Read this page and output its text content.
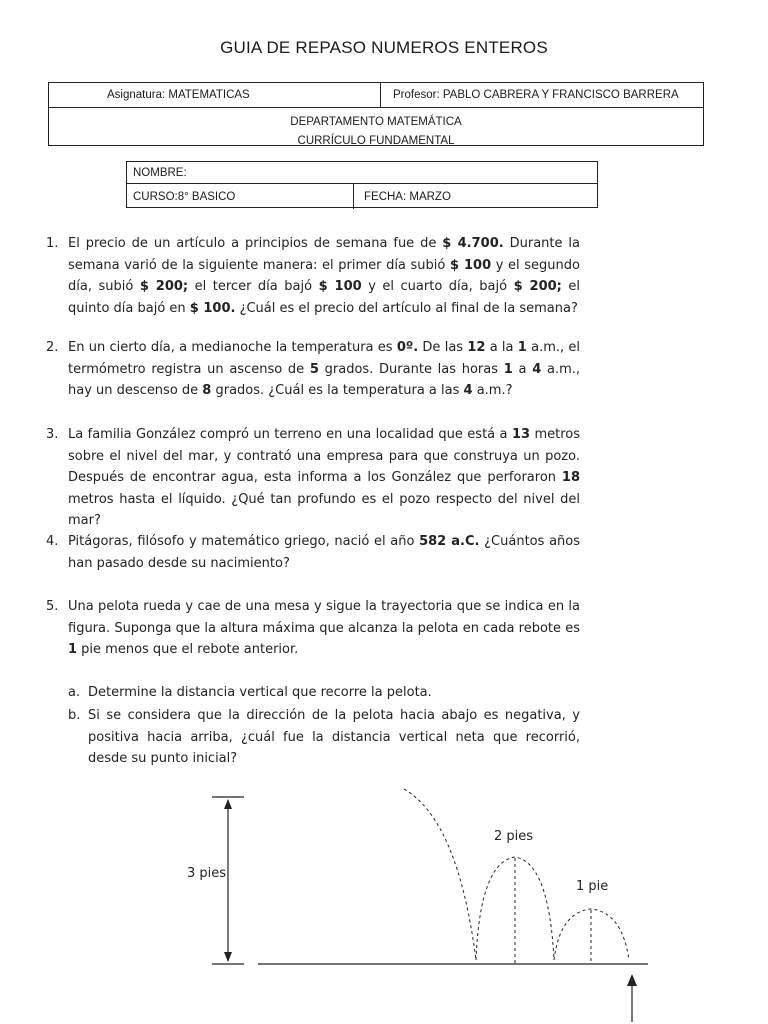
GUIA DE REPASO NUMEROS ENTEROS
Asignatura: MATEMATICAS	Profesor: PABLO CABRERA Y FRANCISCO BARRERA
DEPARTAMENTO MATEMÁTICA
CURRÍCULO FUNDAMENTAL
NOMBRE:
CURSO:8° BASICO	FECHA: MARZO
1. El precio de un artículo a principios de semana fue de $ 4.700. Durante la semana varió de la siguiente manera: el primer día subió $ 100 y el segundo día, subió $ 200; el tercer día bajó $ 100 y el cuarto día, bajó $ 200; el quinto día bajó en $ 100. ¿Cuál es el precio del artículo al final de la semana?
2. En un cierto día, a medianoche la temperatura es 0º. De las 12 a la 1 a.m., el termómetro registra un ascenso de 5 grados. Durante las horas 1 a 4 a.m., hay un descenso de 8 grados. ¿Cuál es la temperatura a las 4 a.m.?
3. La familia González compró un terreno en una localidad que está a 13 metros sobre el nivel del mar, y contrató una empresa para que construya un pozo. Después de encontrar agua, esta informa a los González que perforaron 18 metros hasta el líquido. ¿Qué tan profundo es el pozo respecto del nivel del mar?
4. Pitágoras, filósofo y matemático griego, nació el año 582 a.C. ¿Cuántos años han pasado desde su nacimiento?
5. Una pelota rueda y cae de una mesa y sigue la trayectoria que se indica en la figura. Suponga que la altura máxima que alcanza la pelota en cada rebote es 1 pie menos que el rebote anterior.
a. Determine la distancia vertical que recorre la pelota.
b. Si se considera que la dirección de la pelota hacia abajo es negativa, y positiva hacia arriba, ¿cuál fue la distancia vertical neta que recorrió, desde su punto inicial?
3 pies
2 pies
1 pie
